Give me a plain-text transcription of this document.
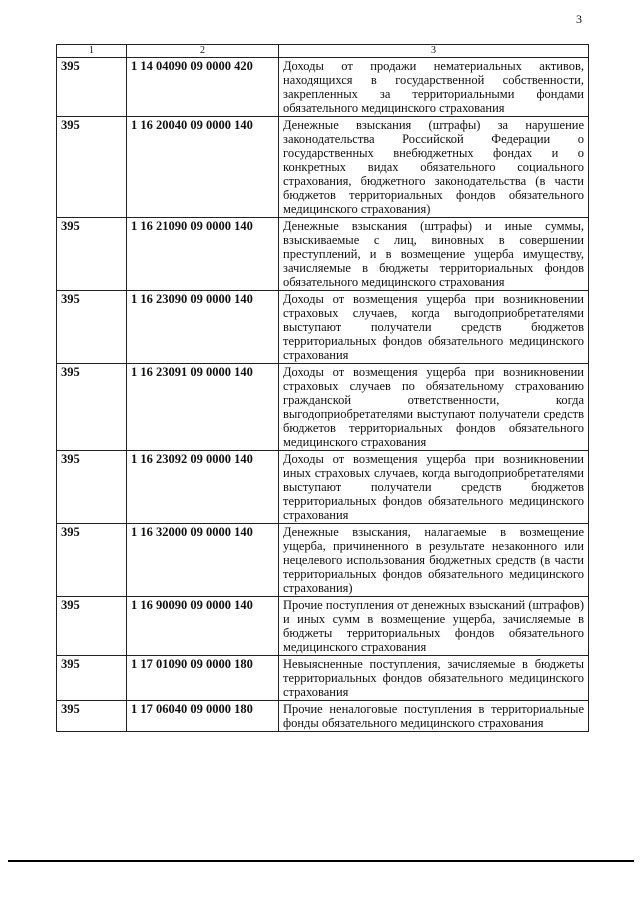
3
1	2	3
395	1 14 04090 09 0000 420	Доходы от продажи нематериальных активов, находящихся в государственной собственности, закрепленных за территориальными фондами обязательного медицинского страхования
395	1 16 20040 09 0000 140	Денежные взыскания (штрафы) за нарушение законодательства Российской Федерации о государственных внебюджетных фондах и о конкретных видах обязательного социального страхования, бюджетного законодательства (в части бюджетов территориальных фондов обязательного медицинского страхования)
395	1 16 21090 09 0000 140	Денежные взыскания (штрафы) и иные суммы, взыскиваемые с лиц, виновных в совершении преступлений, и в возмещение ущерба имуществу, зачисляемые в бюджеты территориальных фондов обязательного медицинского страхования
395	1 16 23090 09 0000 140	Доходы от возмещения ущерба при возникновении страховых случаев, когда выгодоприобретателями выступают получатели средств бюджетов территориальных фондов обязательного медицинского страхования
395	1 16 23091 09 0000 140	Доходы от возмещения ущерба при возникновении страховых случаев по обязательному страхованию гражданской ответственности, когда выгодоприобретателями выступают получатели средств бюджетов территориальных фондов обязательного медицинского страхования
395	1 16 23092 09 0000 140	Доходы от возмещения ущерба при возникновении иных страховых случаев, когда выгодоприобретателями выступают получатели средств бюджетов территориальных фондов обязательного медицинского страхования
395	1 16 32000 09 0000 140	Денежные взыскания, налагаемые в возмещение ущерба, причиненного в результате незаконного или нецелевого использования бюджетных средств (в части территориальных фондов обязательного медицинского страхования)
395	1 16 90090 09 0000 140	Прочие поступления от денежных взысканий (штрафов) и иных сумм в возмещение ущерба, зачисляемые в бюджеты территориальных фондов обязательного медицинского страхования
395	1 17 01090 09 0000 180	Невыясненные поступления, зачисляемые в бюджеты территориальных фондов обязательного медицинского страхования
395	1 17 06040 09 0000 180	Прочие неналоговые поступления в территориальные фонды обязательного медицинского страхования
